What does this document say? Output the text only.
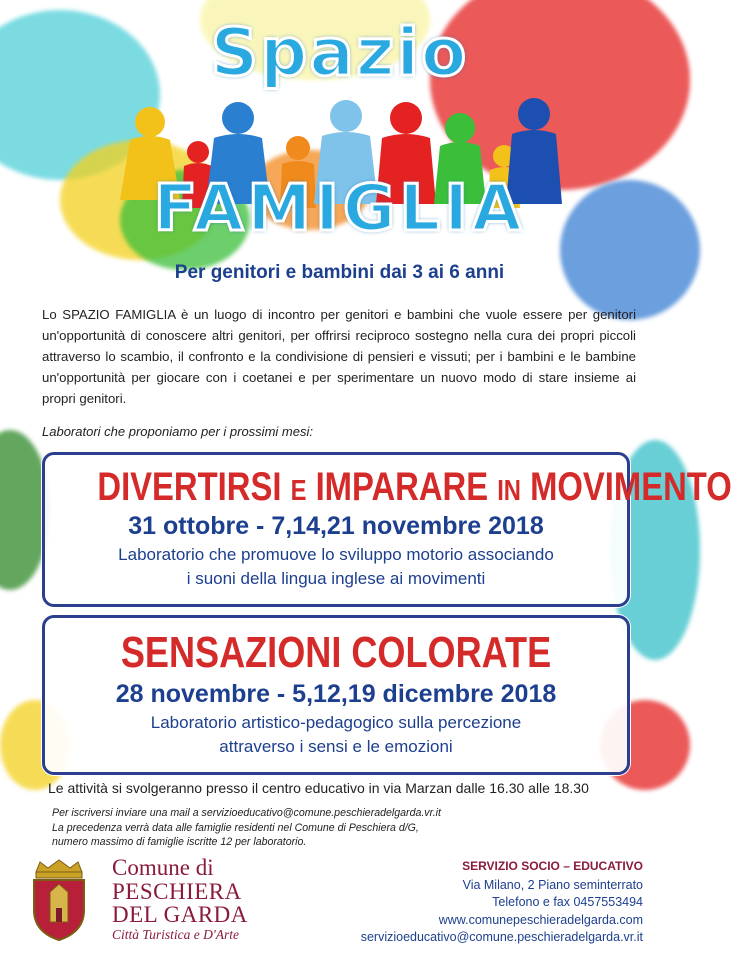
Spazio
FAMIGLIA
Per genitori e bambini dai 3 ai 6 anni
Lo SPAZIO FAMIGLIA è un luogo di incontro per genitori e bambini che vuole essere per genitori un'opportunità di conoscere altri genitori, per offrirsi reciproco sostegno nella cura dei propri piccoli attraverso lo scambio, il confronto e la condivisione di pensieri e vissuti; per i bambini e le bambine un'opportunità per giocare con i coetanei e per sperimentare un nuovo modo di stare insieme ai propri genitori.
Laboratori che proponiamo per i prossimi mesi:
DIVERTIRSI E IMPARARE IN MOVIMENTO
31 ottobre - 7,14,21 novembre 2018
Laboratorio che promuove lo sviluppo motorio associando
i suoni della lingua inglese ai movimenti
SENSAZIONI COLORATE
28 novembre - 5,12,19 dicembre 2018
Laboratorio artistico-pedagogico sulla percezione
attraverso i sensi e le emozioni
Le attività si svolgeranno presso il centro educativo in via Marzan dalle 16.30 alle 18.30
Per iscriversi inviare una mail a servizioeducativo@comune.peschieradelgarda.vr.it
La precedenza verrà data alle famiglie residenti nel Comune di Peschiera d/G,
numero massimo di famiglie iscritte 12 per laboratorio.
Comune di
PESCHIERA
DEL GARDA
Città Turistica e D'Arte
SERVIZIO SOCIO – EDUCATIVO
Via Milano, 2 Piano seminterrato
Telefono e fax 0457553494
www.comunepeschieradelgarda.com
servizioeducativo@comune.peschieradelgarda.vr.it
